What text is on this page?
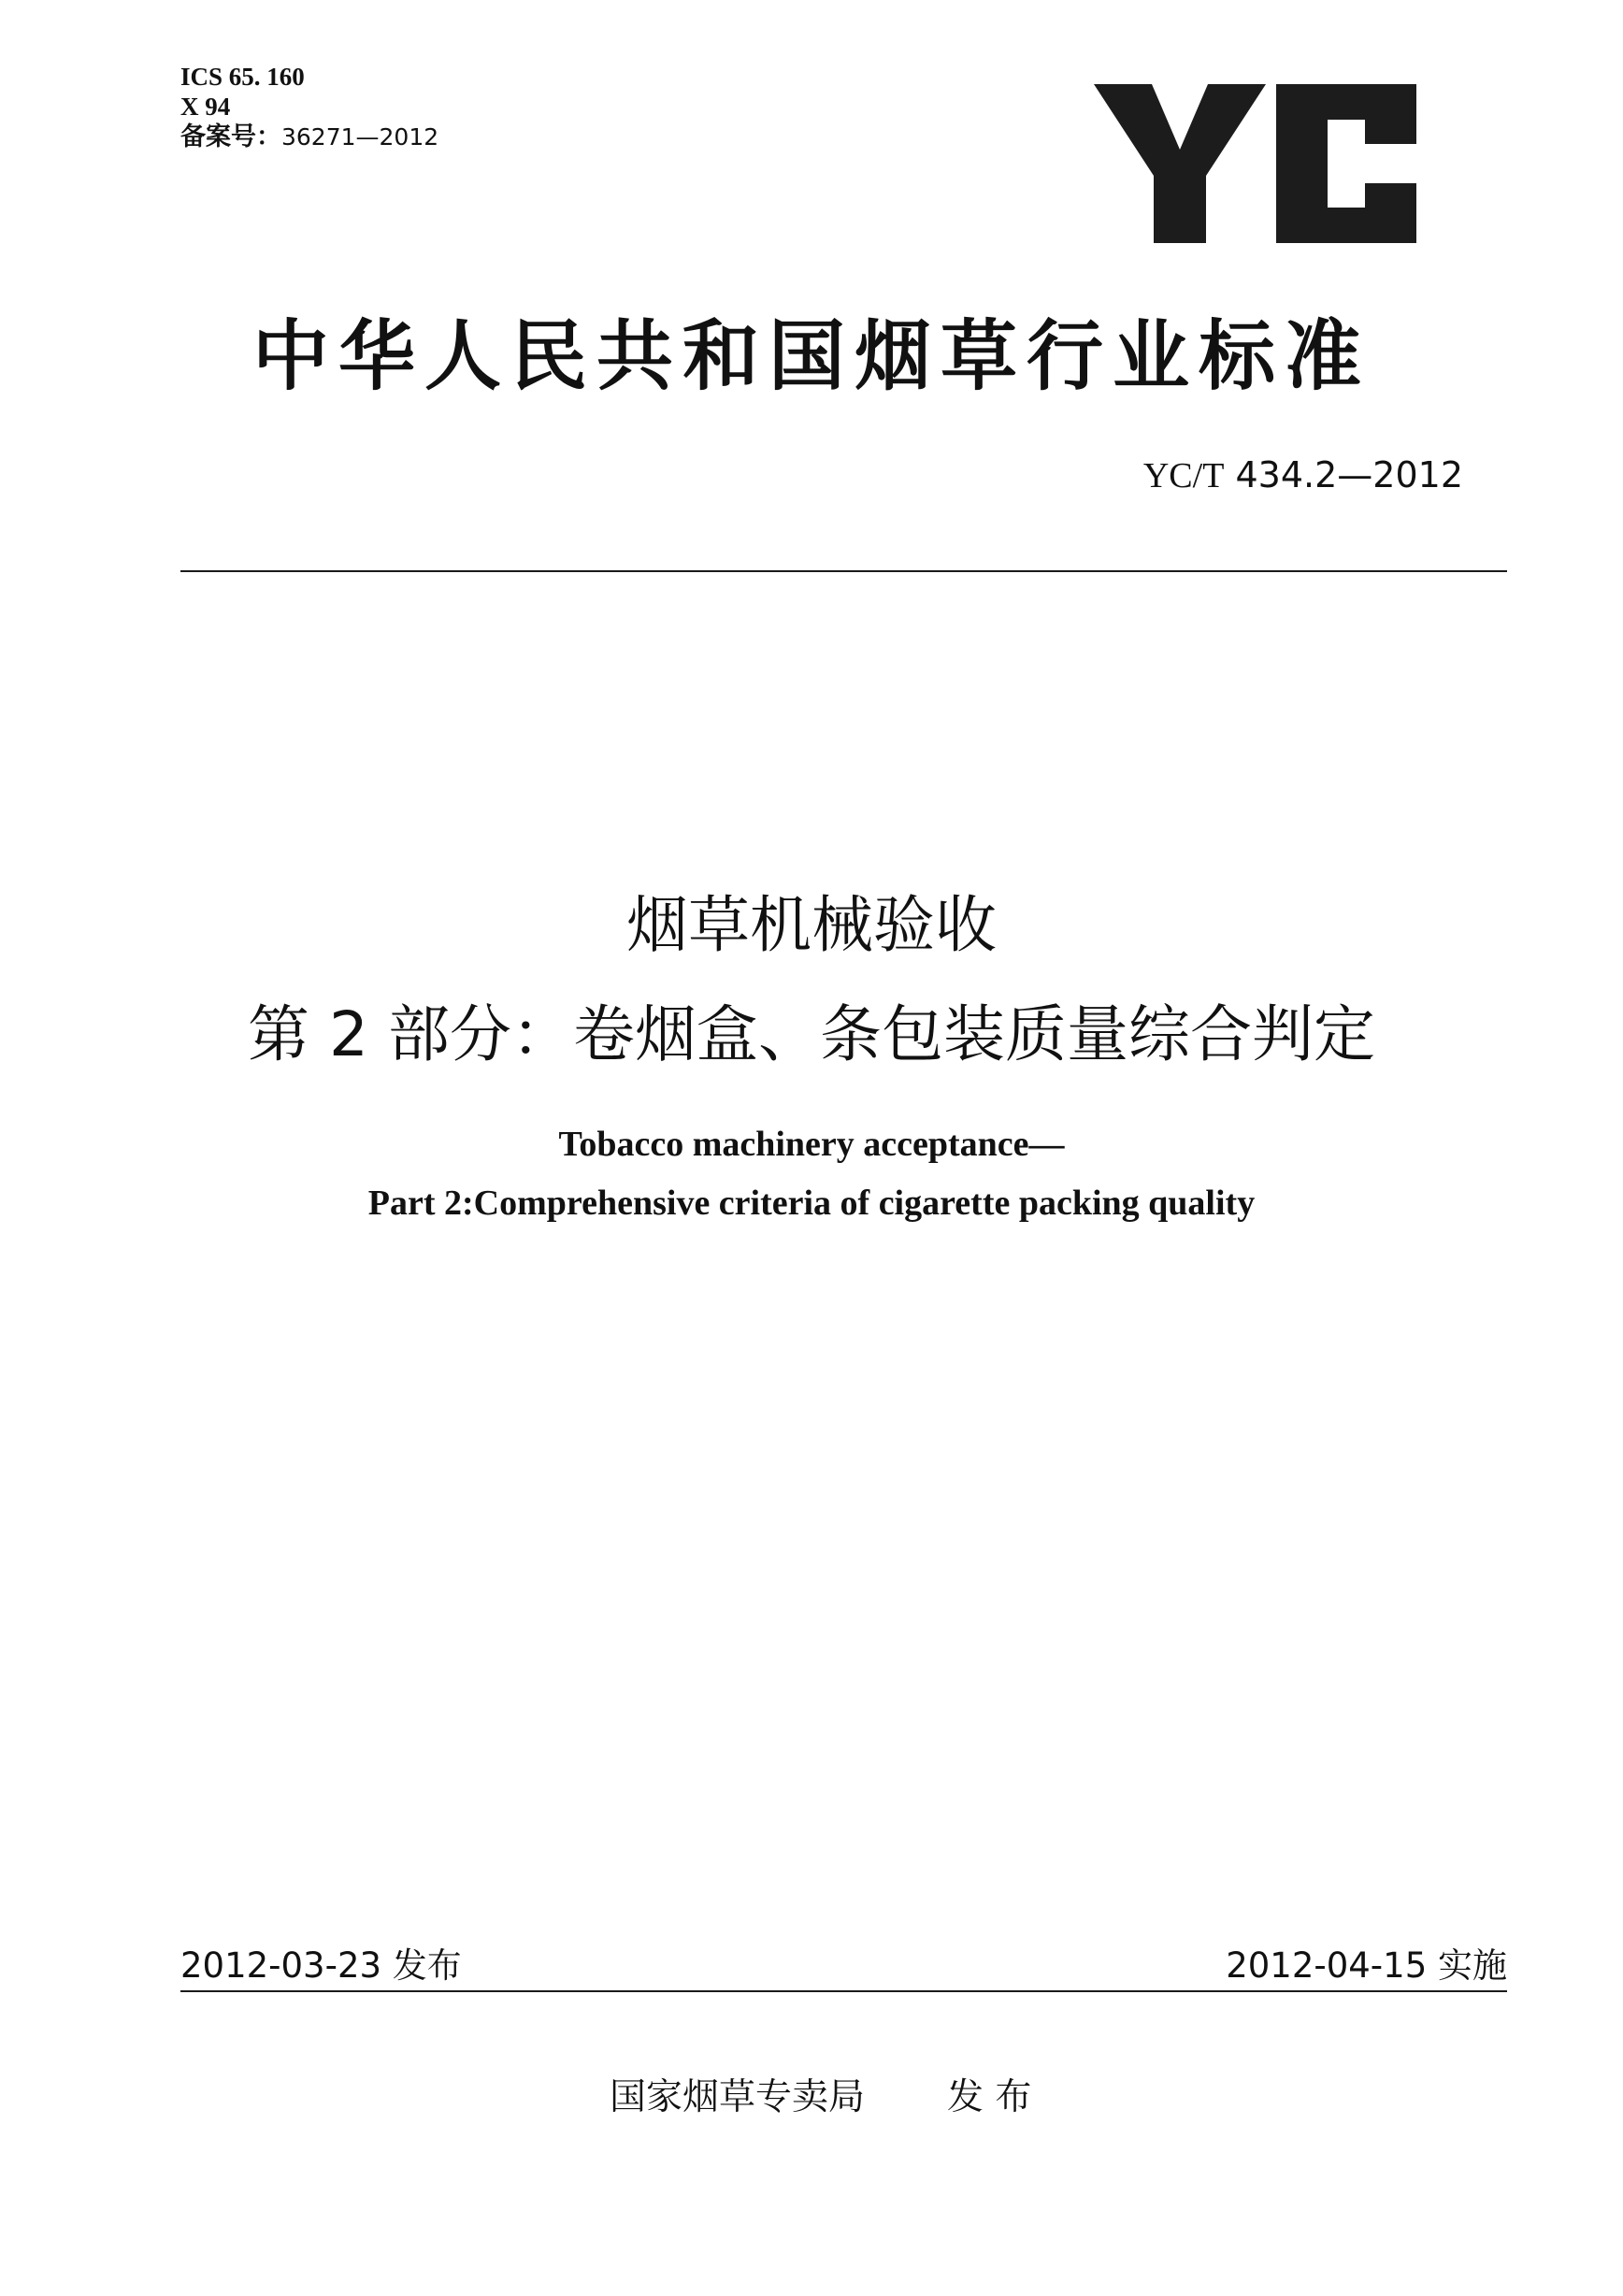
ICS 65. 160
X 94
备案号：36271—2012
中华人民共和国烟草行业标准
YC/T 434.2—2012
烟草机械验收
第 2 部分：卷烟盒、条包装质量综合判定
Tobacco machinery acceptance—
Part 2:Comprehensive criteria of cigarette packing quality
2012-03-23 发布	2012-04-15 实施
国家烟草专卖局 发 布
